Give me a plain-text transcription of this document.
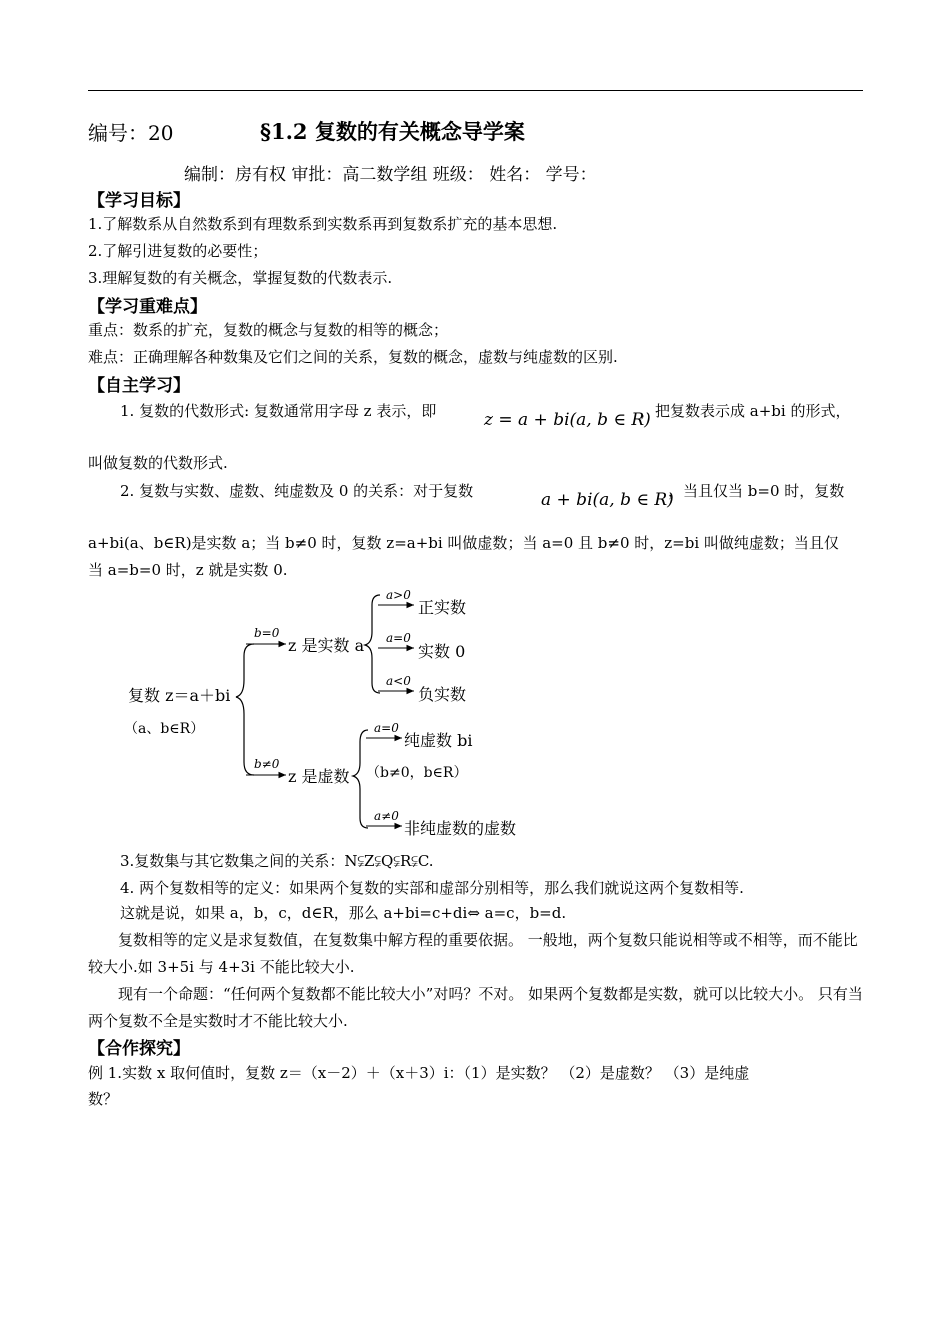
编号：20	§1.2 复数的有关概念导学案
编制：房有权 审批：高二数学组 班级： 姓名： 学号：
【学习目标】
1.了解数系从自然数系到有理数系到实数系再到复数系扩充的基本思想.
2.了解引进复数的必要性；
3.理解复数的有关概念，掌握复数的代数表示.
【学习重难点】
重点：数系的扩充，复数的概念与复数的相等的概念；
难点：正确理解各种数集及它们之间的关系，复数的概念，虚数与纯虚数的区别.
【自主学习】
1. 复数的代数形式: 复数通常用字母 z 表示，即	z = a + bi(a, b ∈ R)
，把复数表示成 a+bi 的形式，
叫做复数的代数形式.
2. 复数与实数、虚数、纯虚数及 0 的关系：对于复数	a + bi(a, b ∈ R)
，当且仅当 b=0 时，复数
a+bi(a、b∈R)是实数 a；当 b≠0 时，复数 z=a+bi 叫做虚数；当 a=0 且 b≠0 时，z=bi 叫做纯虚数；当且仅
当 a=b=0 时，z 就是实数 0.
复数 z＝a＋bi
（a、b∈R）
b=0
z 是实数 a
a>0
正实数
a=0
实数 0
a<0
负实数
b≠0
z 是虚数
a=0
纯虚数 bi
（b≠0，b∈R）
a≠0
非纯虚数的虚数
3.复数集与其它数集之间的关系：N⫋Z⫋Q⫋R⫋C.
4. 两个复数相等的定义：如果两个复数的实部和虚部分别相等，那么我们就说这两个复数相等.
这就是说，如果 a，b，c，d∈R，那么 a+bi=c+di⇔ a=c，b=d.
复数相等的定义是求复数值，在复数集中解方程的重要依据。 一般地，两个复数只能说相等或不相等，而不能比较大小.如 3+5i 与 4+3i 不能比较大小.
现有一个命题：“任何两个复数都不能比较大小”对吗？不对。 如果两个复数都是实数，就可以比较大小。 只有当两个复数不全是实数时才不能比较大小.
【合作探究】
例 1.实数 x 取何值时，复数 z＝（x－2）＋（x＋3）i：（1）是实数？ （2）是虚数？ （3）是纯虚
数？
